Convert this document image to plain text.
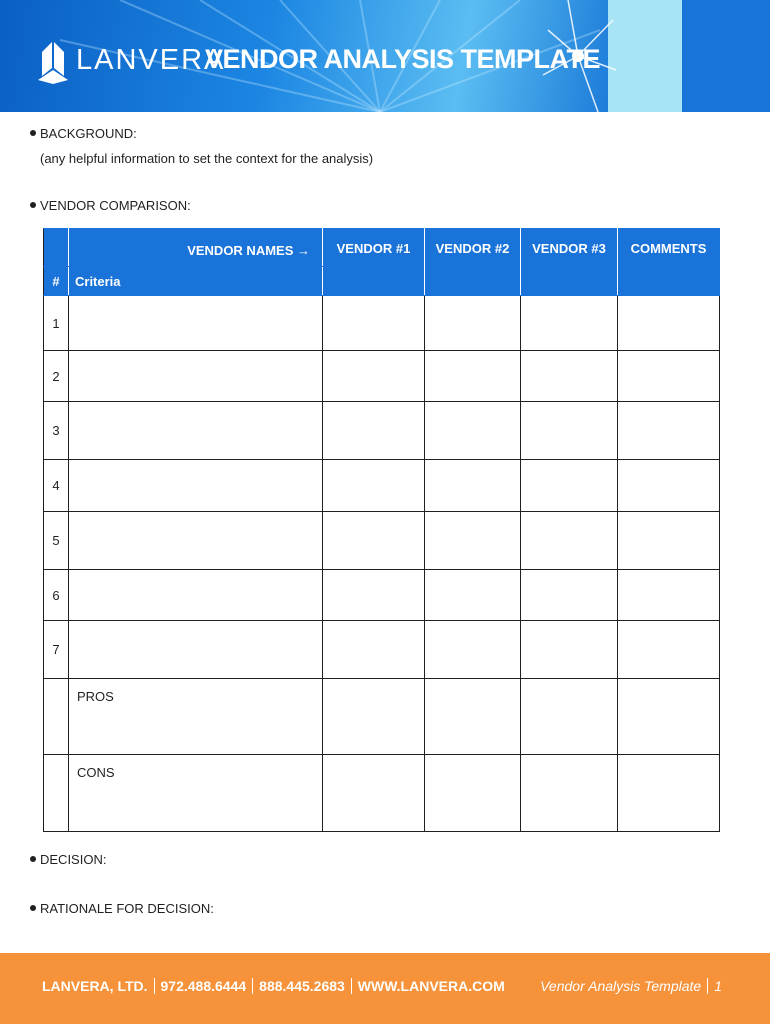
LANVERA
VENDOR ANALYSIS TEMPLATE
BACKGROUND:
(any helpful information to set the context for the analysis)
VENDOR COMPARISON:
	VENDOR NAMES →	VENDOR #1	VENDOR #2	VENDOR #3	COMMENTS
#	Criteria				
1					
2					
3					
4					
5					
6					
7					
	PROS				
	CONS				
DECISION:
RATIONALE FOR DECISION:
LANVERA, LTD. 972.488.6444 888.445.2683 WWW.LANVERA.COM	Vendor Analysis Template 1
